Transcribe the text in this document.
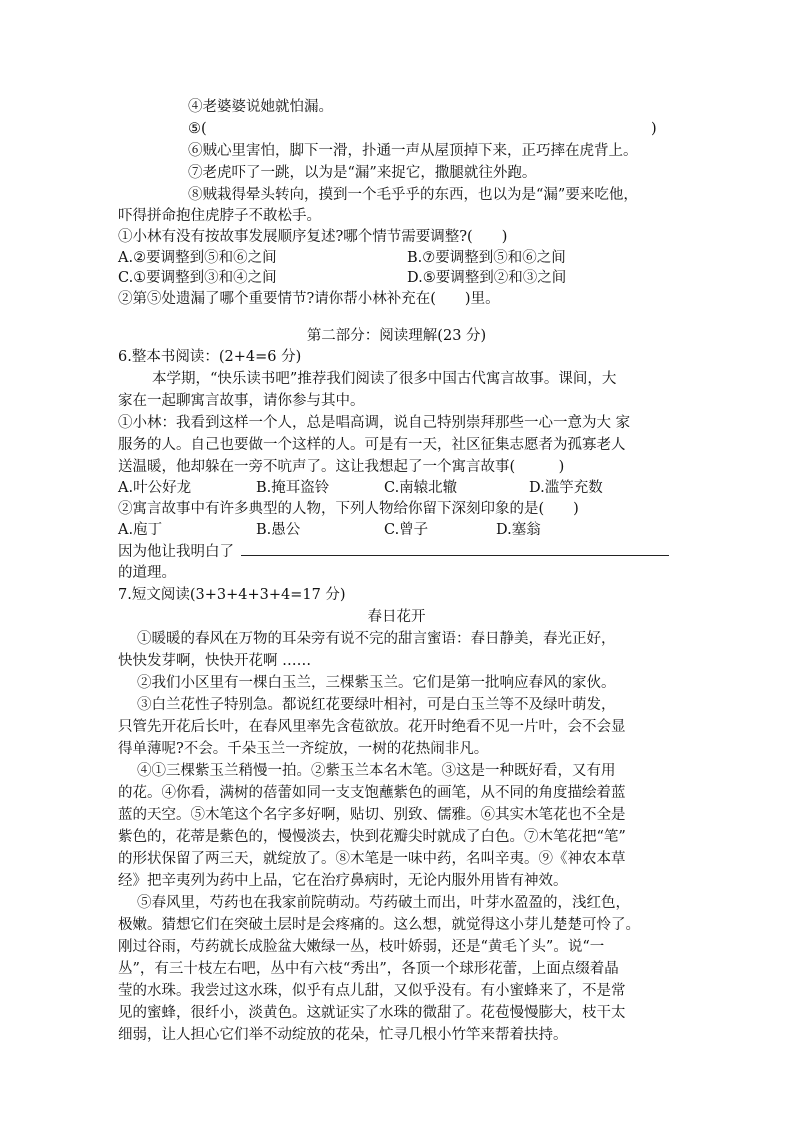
④老婆婆说她就怕漏。

⑤(	)

⑥贼心里害怕，脚下一滑，扑通一声从屋顶掉下来，正巧摔在虎背上。

⑦老虎吓了一跳，以为是“漏”来捉它，撒腿就往外跑。

⑧贼栽得晕头转向，摸到一个毛乎乎的东西，也以为是“漏”要来吃他，

吓得拼命抱住虎脖子不敢松手。

①小林有没有按故事发展顺序复述?哪个情节需要调整?(　　)

A.②要调整到⑤和⑥之间	B.⑦要调整到⑤和⑥之间

C.①要调整到③和④之间	D.⑤要调整到②和③之间

②第⑤处遗漏了哪个重要情节?请你帮小林补充在(　　)里。

第二部分：阅读理解(23 分)

6.整本书阅读：(2+4=6 分)

本学期，“快乐读书吧”推荐我们阅读了很多中国古代寓言故事。课间，大

家在一起聊寓言故事，请你参与其中。

①小林：我看到这样一个人，总是唱高调，说自己特别崇拜那些一心一意为大 家

服务的人。自己也要做一个这样的人。可是有一天，社区征集志愿者为孤寡老人

送温暖，他却躲在一旁不吭声了。这让我想起了一个寓言故事(　　　)

A.叶公好龙	B.掩耳盗铃	C.南辕北辙	D.滥竽充数

②寓言故事中有许多典型的人物，下列人物给你留下深刻印象的是(　　)

A.庖丁	B.愚公	C.曾子	D.塞翁

因为他让我明白了

的道理。

7.短文阅读(3+3+4+3+4=17 分)

春日花开

①暖暖的春风在万物的耳朵旁有说不完的甜言蜜语：春日静美，春光正好，

快快发芽啊，快快开花啊 ……

②我们小区里有一棵白玉兰，三棵紫玉兰。它们是第一批响应春风的家伙。

③白兰花性子特别急。都说红花要绿叶相衬，可是白玉兰等不及绿叶萌发，

只管先开花后长叶，在春风里率先含苞欲放。花开时绝看不见一片叶，会不会显

得单薄呢?不会。千朵玉兰一齐绽放，一树的花热闹非凡。

④①三棵紫玉兰稍慢一拍。②紫玉兰本名木笔。③这是一种既好看，又有用

的花。④你看，满树的蓓蕾如同一支支饱蘸紫色的画笔，从不同的角度描绘着蓝

蓝的天空。⑤木笔这个名字多好啊，贴切、别致、儒雅。⑥其实木笔花也不全是

紫色的，花蒂是紫色的，慢慢淡去，快到花瓣尖时就成了白色。⑦木笔花把“笔”

的形状保留了两三天，就绽放了。⑧木笔是一味中药，名叫辛夷。⑨《神农本草

经》把辛夷列为药中上品，它在治疗鼻病时，无论内服外用皆有神效。

⑤春风里，芍药也在我家前院萌动。芍药破土而出，叶芽水盈盈的，浅红色，

极嫩。猜想它们在突破土层时是会疼痛的。这么想，就觉得这小芽儿楚楚可怜了。

刚过谷雨，芍药就长成脸盆大嫩绿一丛，枝叶娇弱，还是“黄毛丫头”。说“一

丛”，有三十枝左右吧，丛中有六枝“秀出”，各顶一个球形花蕾，上面点缀着晶

莹的水珠。我尝过这水珠，似乎有点儿甜，又似乎没有。有小蜜蜂来了，不是常

见的蜜蜂，很纤小，淡黄色。这就证实了水珠的微甜了。花苞慢慢膨大，枝干太

细弱，让人担心它们举不动绽放的花朵，忙寻几根小竹竿来帮着扶持。
